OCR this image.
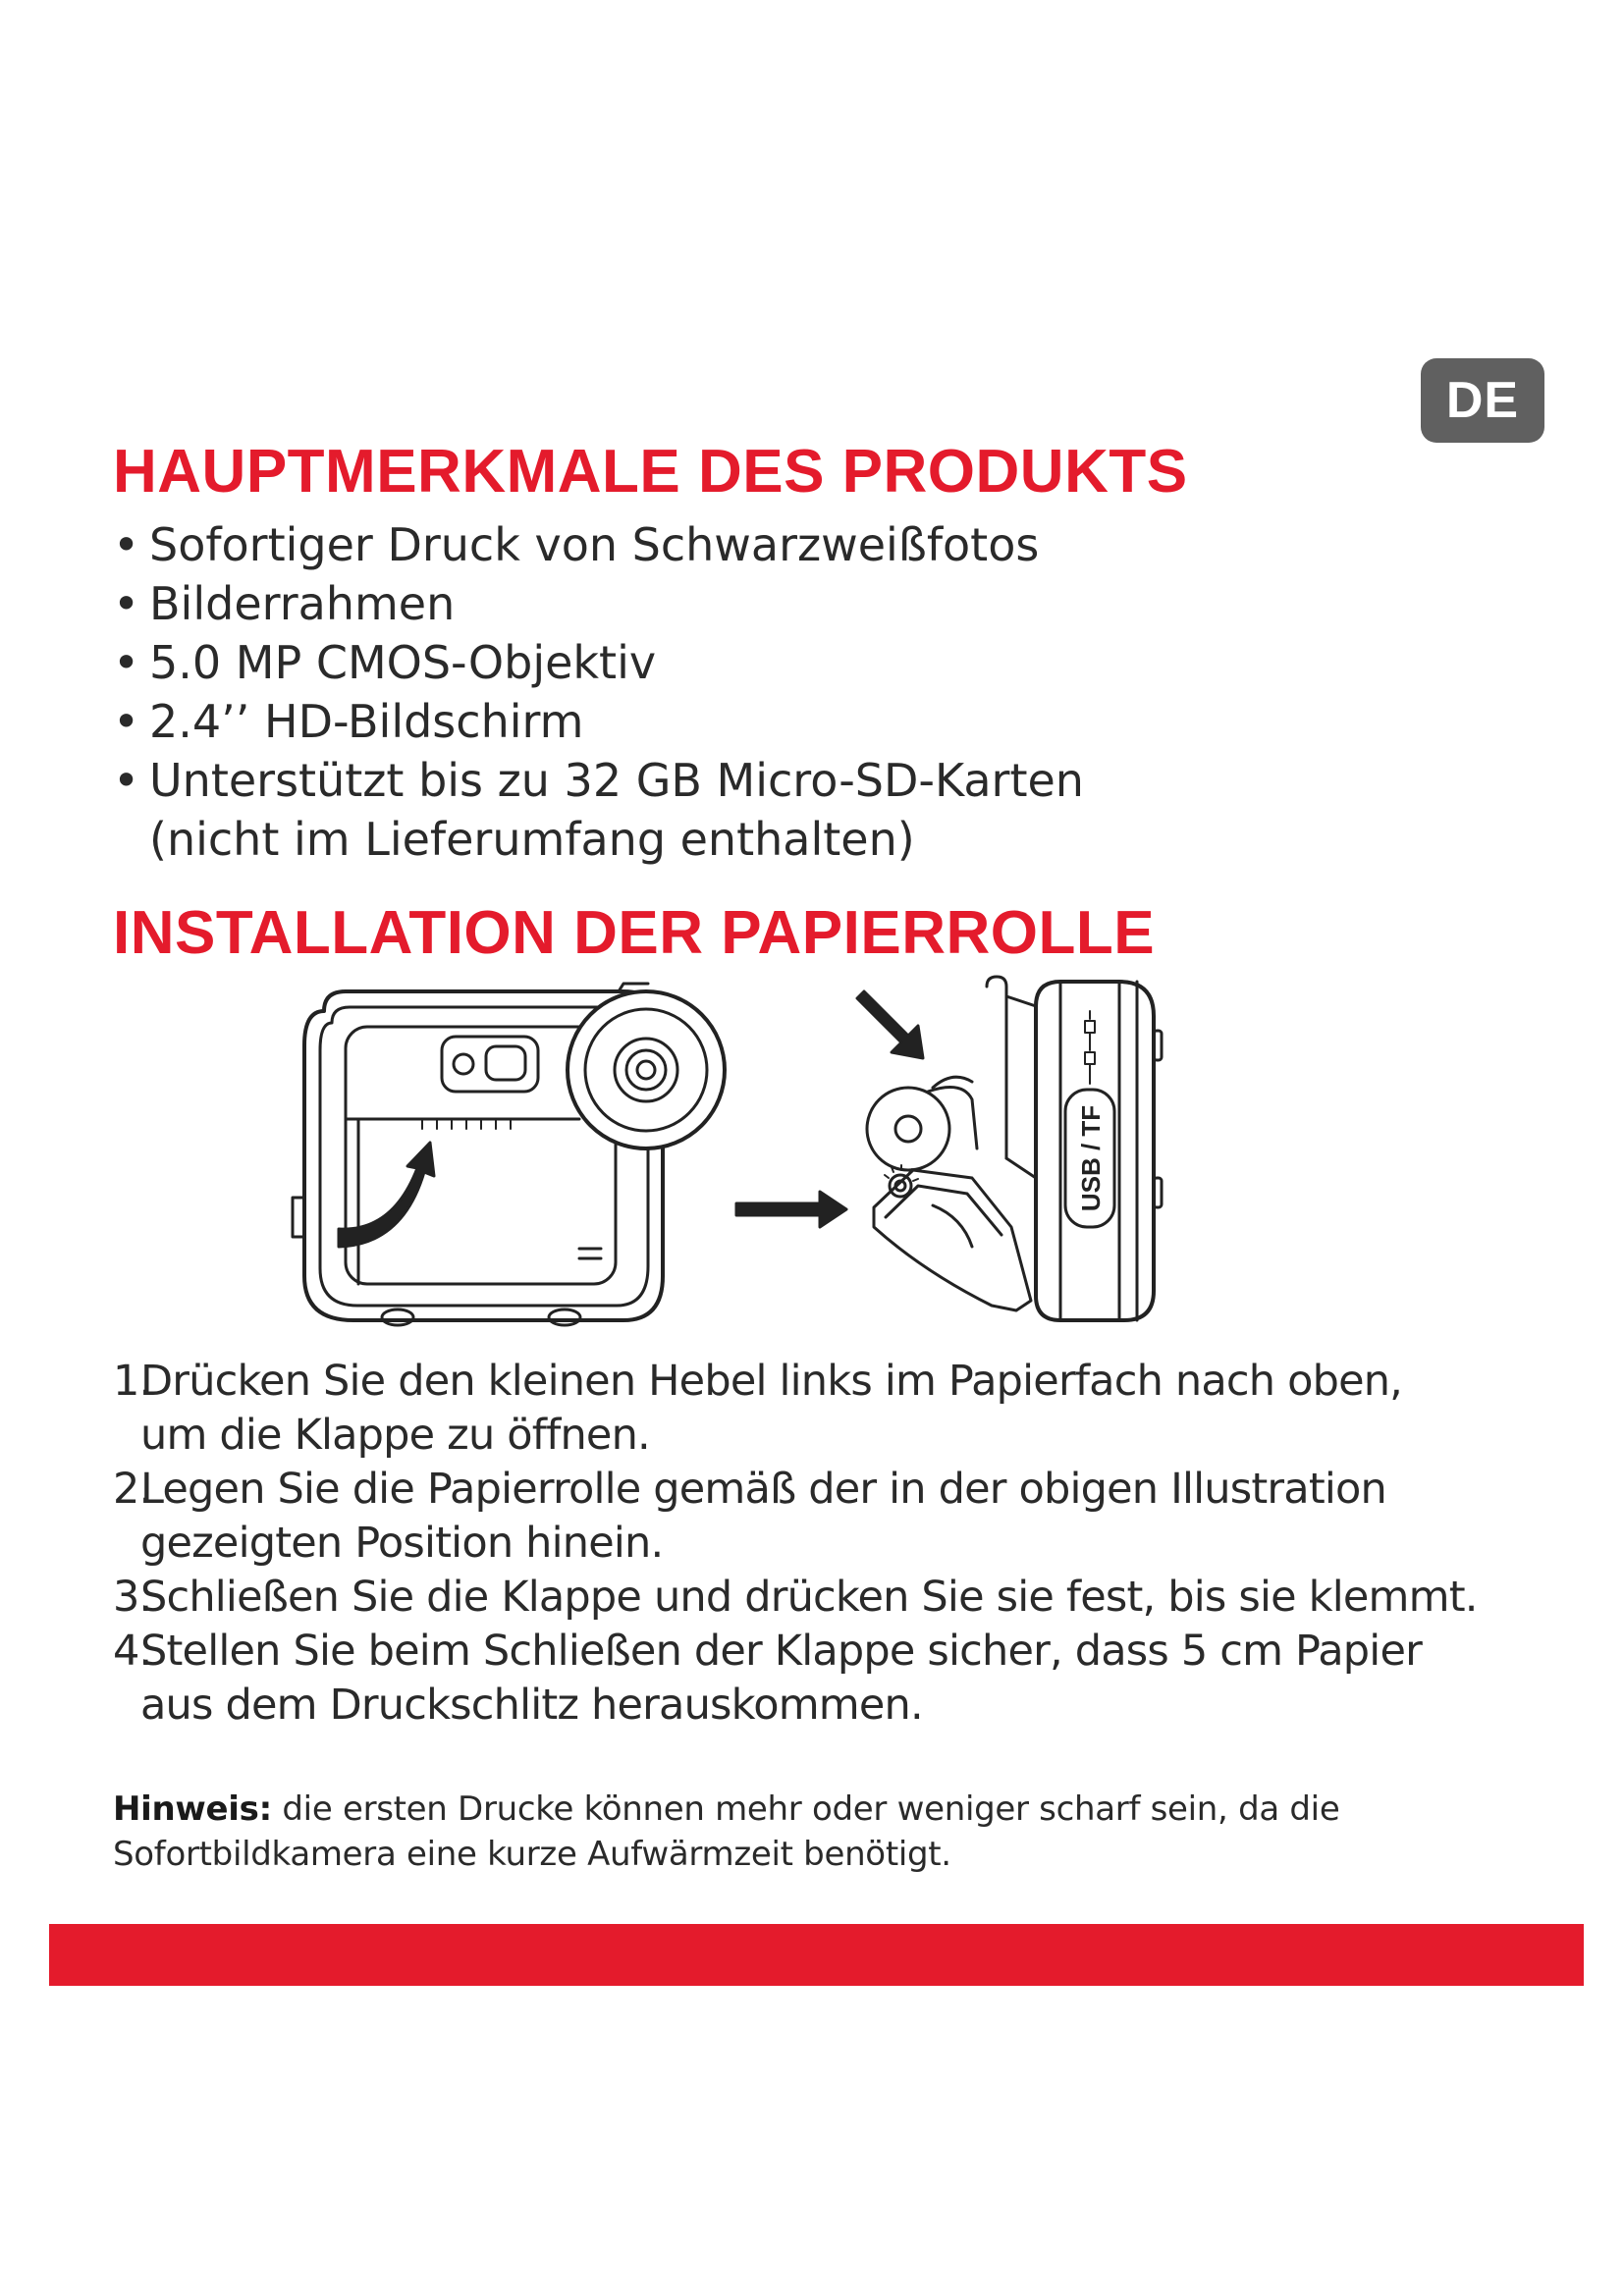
DE
HAUPTMERKMALE DES PRODUKTS
• Sofortiger Druck von Schwarzweißfotos
• Bilderrahmen
• 5.0 MP CMOS-Objektiv
• 2.4’’ HD-Bildschirm
• Unterstützt bis zu 32 GB Micro-SD-Karten
(nicht im Lieferumfang enthalten)
INSTALLATION DER PAPIERROLLE
USB / TF
1.
Drücken Sie den kleinen Hebel links im Papierfach nach oben,
um die Klappe zu öffnen.
2.
Legen Sie die Papierrolle gemäß der in der obigen Illustration
gezeigten Position hinein.
3.
Schließen Sie die Klappe und drücken Sie sie fest, bis sie klemmt.
4.
Stellen Sie beim Schließen der Klappe sicher, dass 5 cm Papier
aus dem Druckschlitz herauskommen.

Hinweis: die ersten Drucke können mehr oder weniger scharf sein, da die Sofortbildkamera eine kurze Aufwärmzeit benötigt.
